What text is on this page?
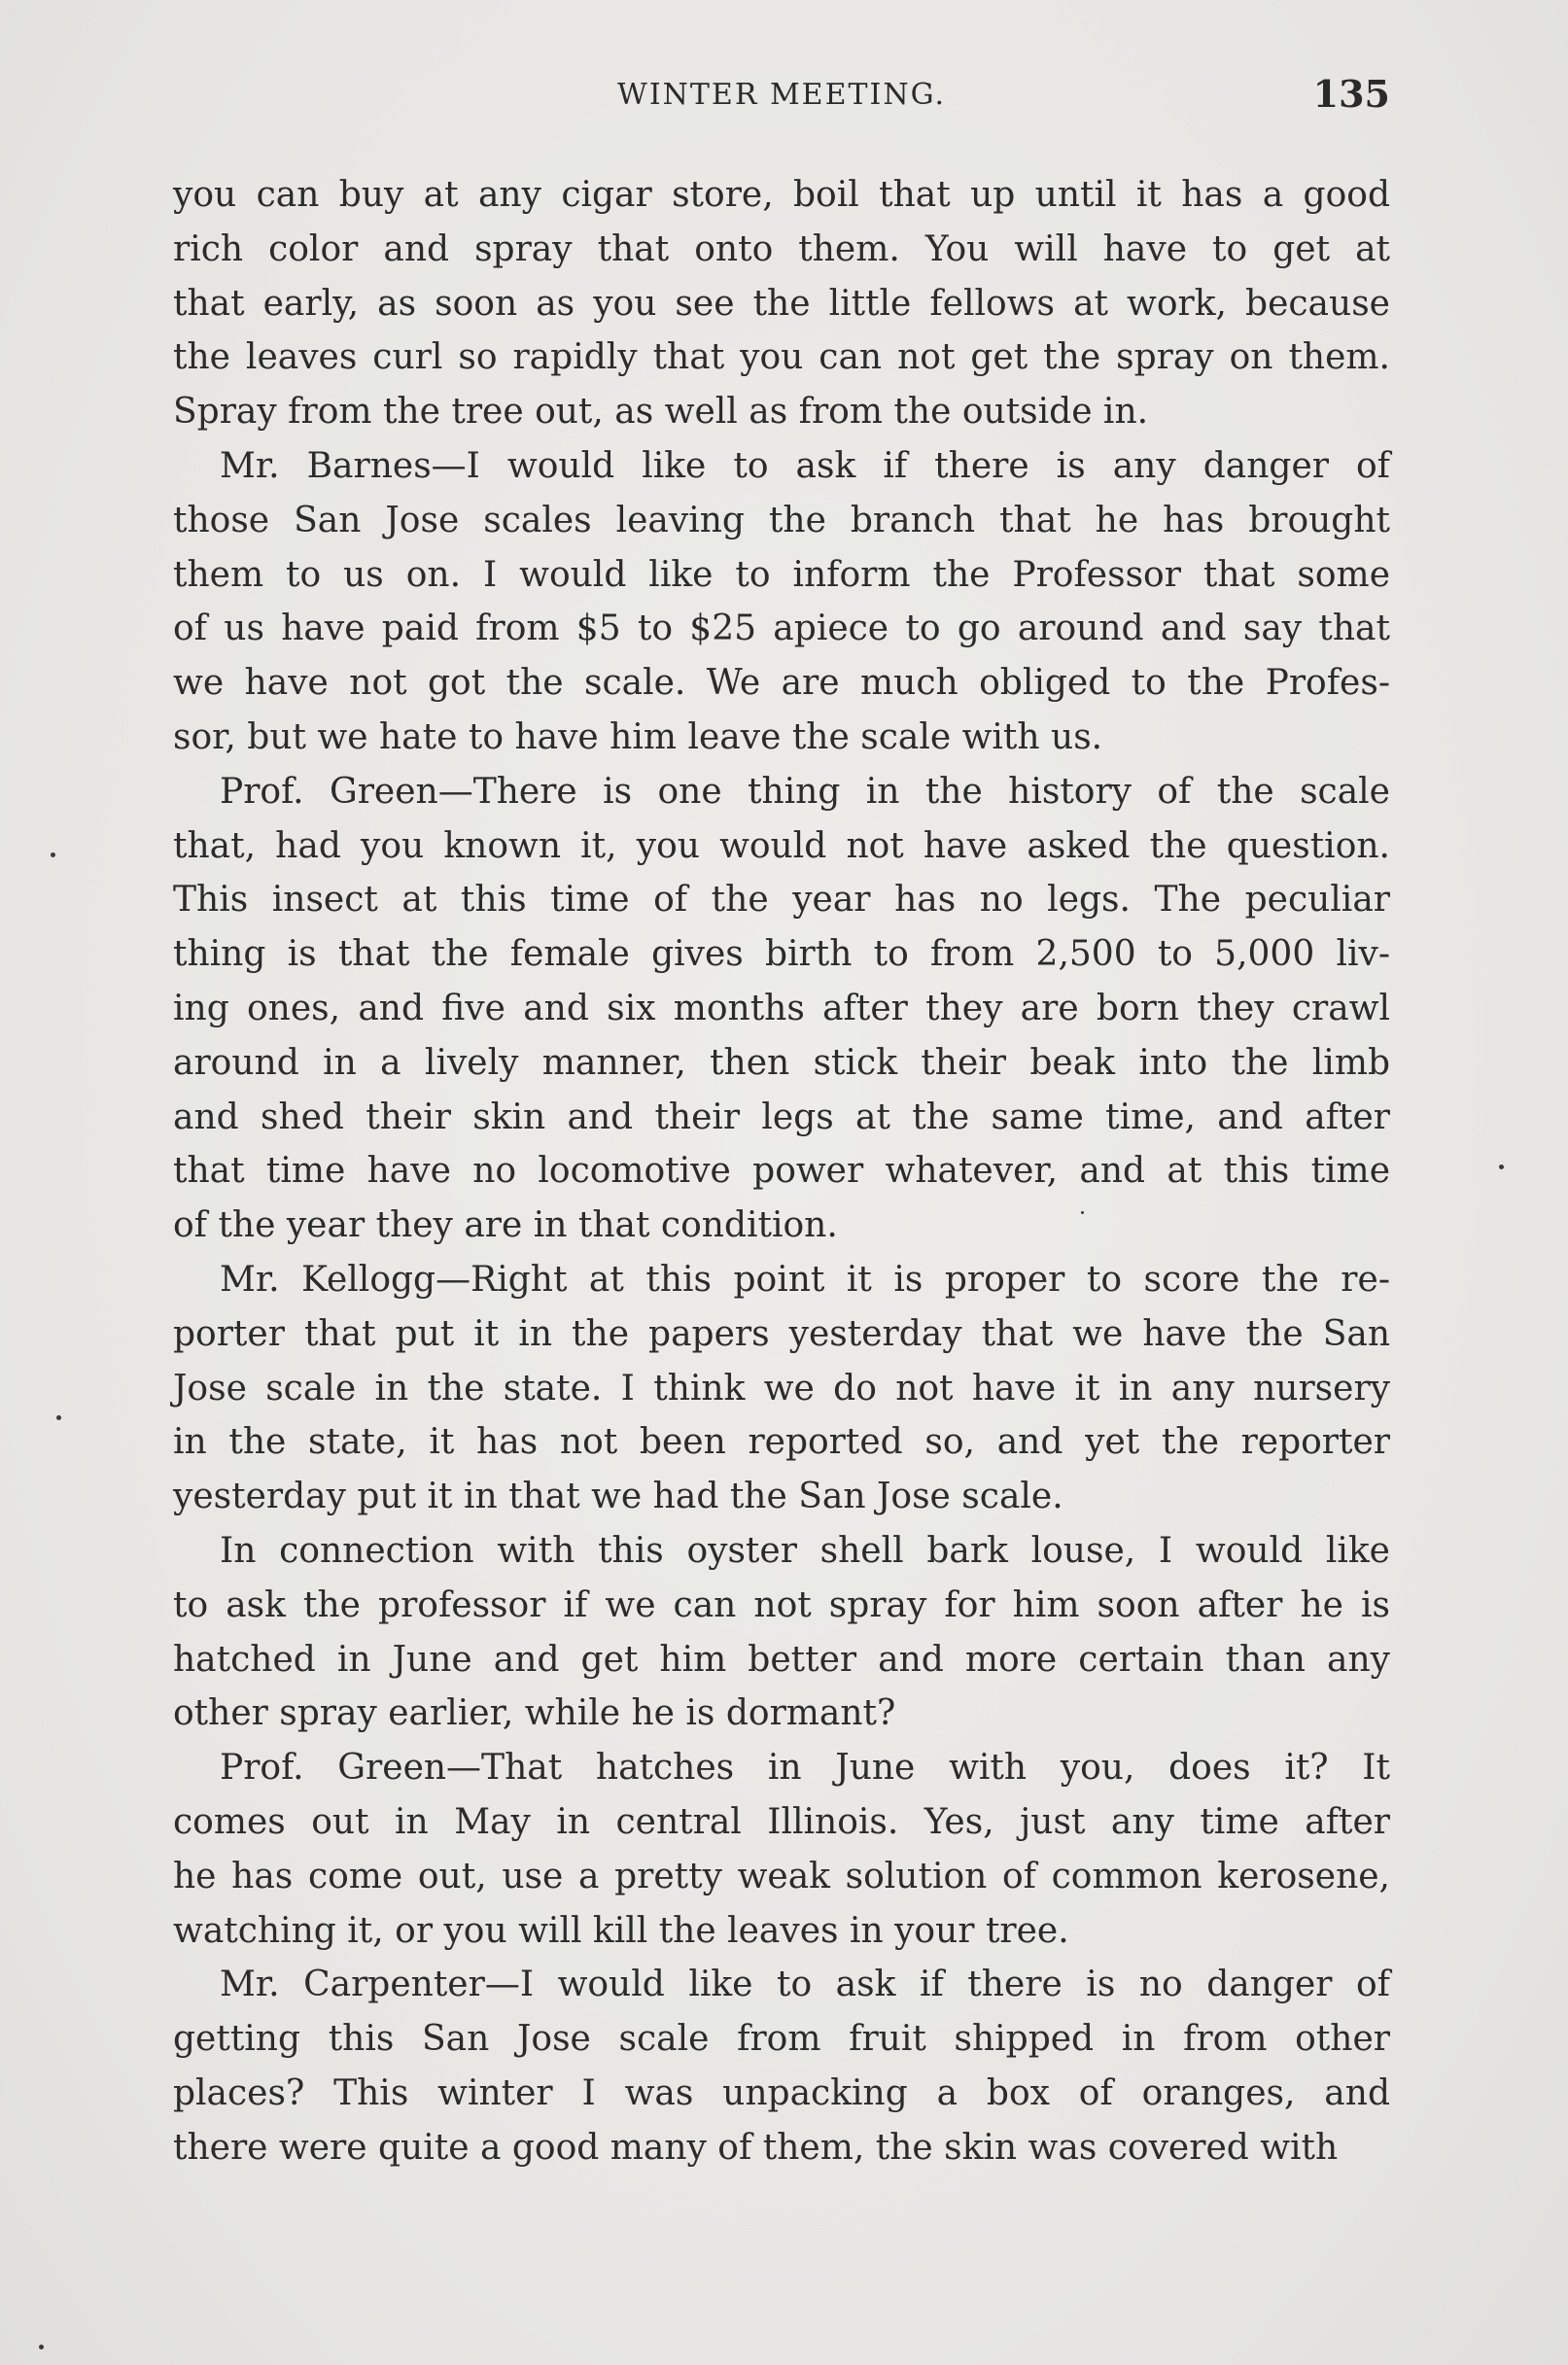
WINTER MEETING.	135
you can buy at any cigar store, boil that up until it has a good
rich color and spray that onto them. You will have to get at
that early, as soon as you see the little fellows at work, because
the leaves curl so rapidly that you can not get the spray on them.
Spray from the tree out, as well as from the outside in.
Mr. Barnes—I would like to ask if there is any danger of
those San Jose scales leaving the branch that he has brought
them to us on. I would like to inform the Professor that some
of us have paid from $5 to $25 apiece to go around and say that
we have not got the scale. We are much obliged to the Profes-
sor, but we hate to have him leave the scale with us.
Prof. Green—There is one thing in the history of the scale
that, had you known it, you would not have asked the question.
This insect at this time of the year has no legs. The peculiar
thing is that the female gives birth to from 2,500 to 5,000 liv-
ing ones, and five and six months after they are born they crawl
around in a lively manner, then stick their beak into the limb
and shed their skin and their legs at the same time, and after
that time have no locomotive power whatever, and at this time
of the year they are in that condition.
Mr. Kellogg—Right at this point it is proper to score the re-
porter that put it in the papers yesterday that we have the San
Jose scale in the state. I think we do not have it in any nursery
in the state, it has not been reported so, and yet the reporter
yesterday put it in that we had the San Jose scale.
In connection with this oyster shell bark louse, I would like
to ask the professor if we can not spray for him soon after he is
hatched in June and get him better and more certain than any
other spray earlier, while he is dormant?
Prof. Green—That hatches in June with you, does it? It
comes out in May in central Illinois. Yes, just any time after
he has come out, use a pretty weak solution of common kerosene,
watching it, or you will kill the leaves in your tree.
Mr. Carpenter—I would like to ask if there is no danger of
getting this San Jose scale from fruit shipped in from other
places? This winter I was unpacking a box of oranges, and
there were quite a good many of them, the skin was covered with
